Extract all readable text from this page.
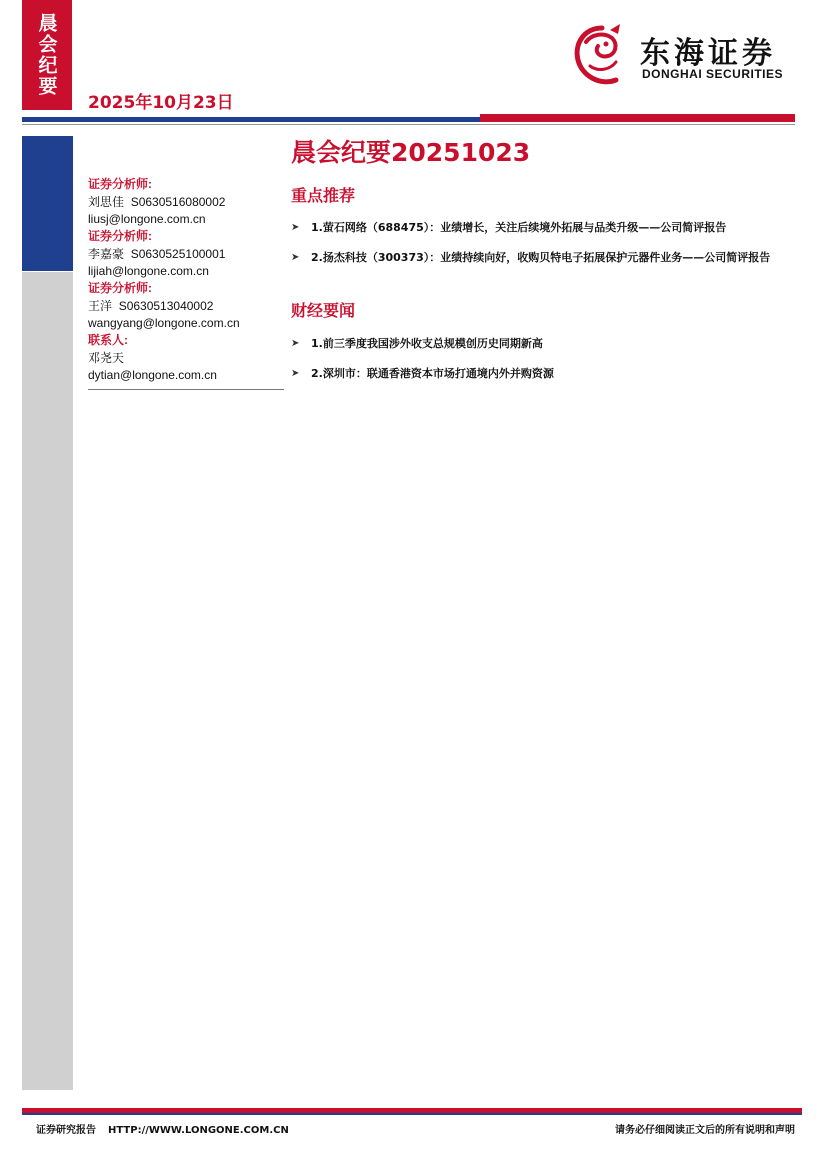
晨会纪要
2025年10月23日
东海证券
DONGHAI SECURITIES
证券分析师:
刘思佳 S0630516080002
liusj@longone.com.cn
证券分析师:
李嘉豪 S0630525100001
lijiah@longone.com.cn
证券分析师:
王洋 S0630513040002
wangyang@longone.com.cn
联系人:
邓尧天
dytian@longone.com.cn
晨会纪要20251023
重点推荐
➤	1.萤石网络（688475）：业绩增长，关注后续境外拓展与品类升级——公司简评报告
➤	2.扬杰科技（300373）：业绩持续向好，收购贝特电子拓展保护元器件业务——公司简评报告
财经要闻
➤	1.前三季度我国涉外收支总规模创历史同期新高
➤	2.深圳市：联通香港资本市场打通境内外并购资源
证券研究报告 HTTP://WWW.LONGONE.COM.CN	请务必仔细阅读正文后的所有说明和声明
